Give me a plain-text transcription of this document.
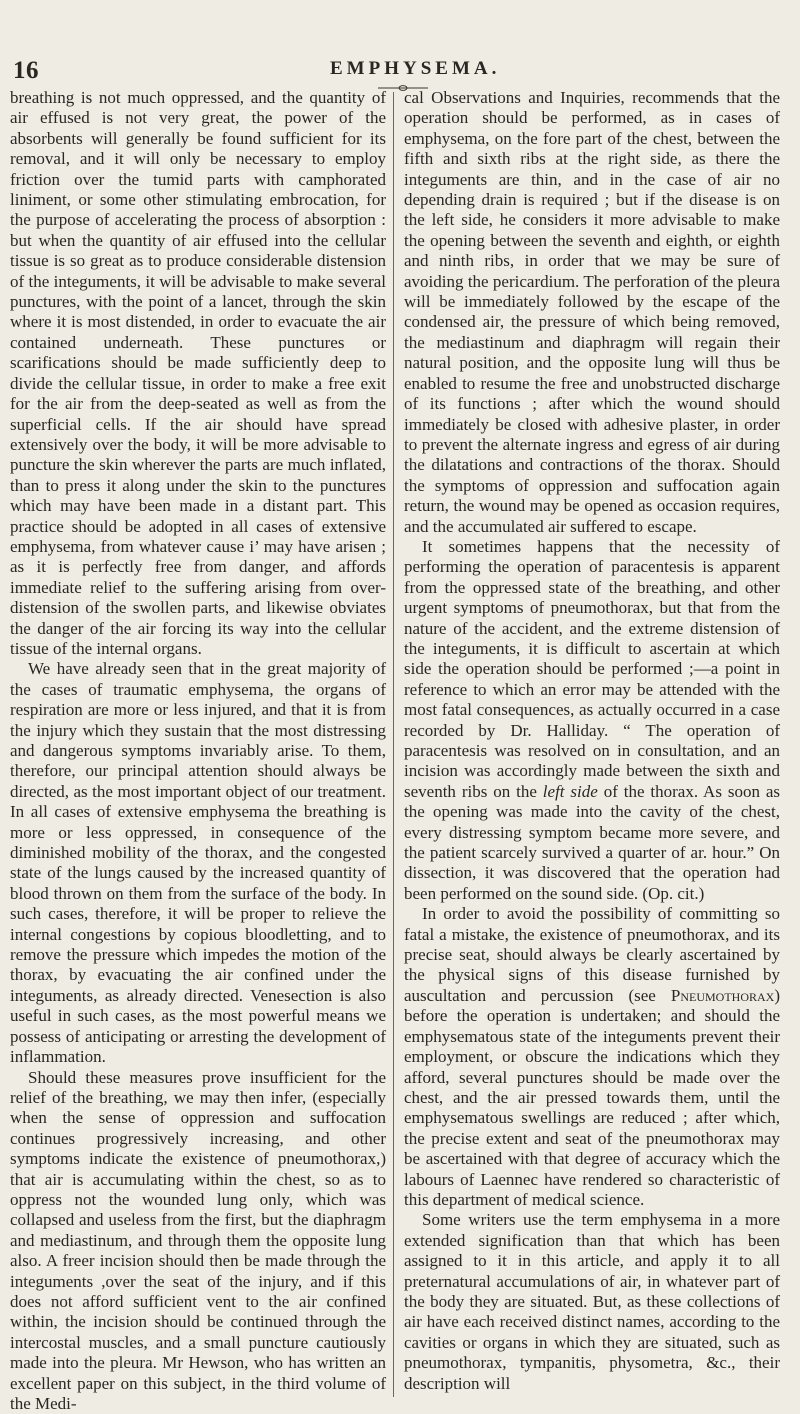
16	EMPHYSEMA.

breathing is not much oppressed, and the quantity of air effused is not very great, the power of the absorbents will generally be found sufficient for its removal, and it will only be necessary to employ friction over the tumid parts with camphorated liniment, or some other stimulating embrocation, for the purpose of accelerating the process of absorption : but when the quantity of air effused into the cellular tissue is so great as to produce considerable distension of the integuments, it will be advisable to make several punctures, with the point of a lancet, through the skin where it is most distended, in order to evacuate the air contained underneath. These punctures or scarifications should be made sufficiently deep to divide the cellular tissue, in order to make a free exit for the air from the deep-seated as well as from the superficial cells. If the air should have spread extensively over the body, it will be more advisable to puncture the skin wherever the parts are much inflated, than to press it along under the skin to the punctures which may have been made in a distant part. This practice should be adopted in all cases of extensive emphysema, from whatever cause i’ may have arisen ; as it is perfectly free from danger, and affords immediate relief to the suffering arising from over-distension of the swollen parts, and likewise obviates the danger of the air forcing its way into the cellular tissue of the internal organs.

We have already seen that in the great majority of the cases of traumatic emphysema, the organs of respiration are more or less injured, and that it is from the injury which they sustain that the most distressing and dangerous symptoms invariably arise. To them, therefore, our principal attention should always be directed, as the most important object of our treatment. In all cases of extensive emphysema the breathing is more or less oppressed, in consequence of the diminished mobility of the thorax, and the congested state of the lungs caused by the increased quantity of blood thrown on them from the surface of the body. In such cases, therefore, it will be proper to relieve the internal congestions by copious bloodletting, and to remove the pressure which impedes the motion of the thorax, by evacuating the air confined under the integuments, as already directed. Venesection is also useful in such cases, as the most powerful means we possess of anticipating or arresting the development of inflammation.

Should these measures prove insufficient for the relief of the breathing, we may then infer, (especially when the sense of oppression and suffocation continues progressively increasing, and other symptoms indicate the existence of pneumothorax,) that air is accumulating within the chest, so as to oppress not the wounded lung only, which was collapsed and useless from the first, but the diaphragm and mediastinum, and through them the opposite lung also. A freer incision should then be made through the integuments ,over the seat of the injury, and if this does not afford sufficient vent to the air confined within, the incision should be continued through the intercostal muscles, and a small puncture cautiously made into the pleura. Mr Hewson, who has written an excellent paper on this subject, in the third volume of the Medi-

cal Observations and Inquiries, recommends that the operation should be performed, as in cases of emphysema, on the fore part of the chest, between the fifth and sixth ribs at the right side, as there the integuments are thin, and in the case of air no depending drain is required ; but if the disease is on the left side, he considers it more advisable to make the opening between the seventh and eighth, or eighth and ninth ribs, in order that we may be sure of avoiding the pericardium. The perforation of the pleura will be immediately followed by the escape of the condensed air, the pressure of which being removed, the mediastinum and diaphragm will regain their natural position, and the opposite lung will thus be enabled to resume the free and unobstructed discharge of its functions ; after which the wound should immediately be closed with adhesive plaster, in order to prevent the alternate ingress and egress of air during the dilatations and contractions of the thorax. Should the symptoms of oppression and suffocation again return, the wound may be opened as occasion requires, and the accumulated air suffered to escape.

It sometimes happens that the necessity of performing the operation of paracentesis is apparent from the oppressed state of the breathing, and other urgent symptoms of pneumothorax, but that from the nature of the accident, and the extreme distension of the integuments, it is difficult to ascertain at which side the operation should be performed ;—a point in reference to which an error may be attended with the most fatal consequences, as actually occurred in a case recorded by Dr. Halliday. “ The operation of paracentesis was resolved on in consultation, and an incision was accordingly made between the sixth and seventh ribs on the left side of the thorax. As soon as the opening was made into the cavity of the chest, every distressing symptom became more severe, and the patient scarcely survived a quarter of ar. hour.” On dissection, it was discovered that the operation had been performed on the sound side. (Op. cit.)

In order to avoid the possibility of committing so fatal a mistake, the existence of pneumothorax, and its precise seat, should always be clearly ascertained by the physical signs of this disease furnished by auscultation and percussion (see Pneumothorax) before the operation is undertaken; and should the emphysematous state of the integuments prevent their employment, or obscure the indications which they afford, several punctures should be made over the chest, and the air pressed towards them, until the emphysematous swellings are reduced ; after which, the precise extent and seat of the pneumothorax may be ascertained with that degree of accuracy which the labours of Laennec have rendered so characteristic of this department of medical science.

Some writers use the term emphysema in a more extended signification than that which has been assigned to it in this article, and apply it to all preternatural accumulations of air, in whatever part of the body they are situated. But, as these collections of air have each received distinct names, according to the cavities or organs in which they are situated, such as pneumothorax, tympanitis, physometra, &c., their description will
